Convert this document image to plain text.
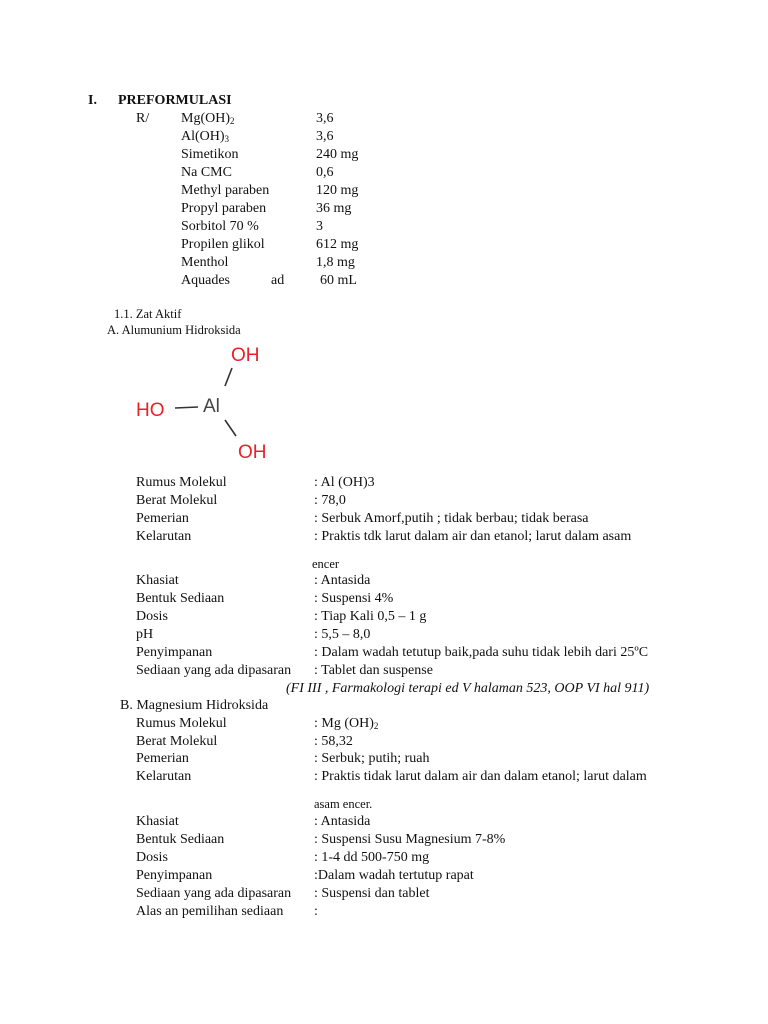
I. PREFORMULASI
R/ $Mg(OH)_2$	3,6
$Al(OH)_3$	3,6
Simetikon	240 mg
Na CMC	0,6
Methyl paraben	120 mg
Propyl paraben	36 mg
Sorbitol 70 %	3
Propilen glikol	612 mg
Menthol	1,8 mg
Aquades	ad	60 mL
1.1. Zat Aktif
A. Alumunium Hidroksida
OH
Al
HO
OH
Rumus Molekul	: Al (OH)3
Berat Molekul	: 78,0
Pemerian	: Serbuk Amorf,putih ; tidak berbau; tidak berasa
Kelarutan	: Praktis tdk larut dalam air dan etanol; larut dalam asam
encer
Khasiat	: Antasida
Bentuk Sediaan	: Suspensi 4%
Dosis	: Tiap Kali 0,5 – 1 g
pH	: 5,5 – 8,0
Penyimpanan	: Dalam wadah tetutup baik,pada suhu tidak lebih dari 25ºC
Sediaan yang ada dipasaran : Tablet dan suspense
(FI III , Farmakologi terapi ed V halaman 523, OOP VI hal 911)
B. Magnesium Hidroksida
Rumus Molekul	: Mg $(OH)_2$
Berat Molekul	: 58,32
Pemerian	: Serbuk; putih; ruah
Kelarutan	: Praktis tidak larut dalam air dan dalam etanol; larut dalam
asam encer.
Khasiat	: Antasida
Bentuk Sediaan	: Suspensi Susu Magnesium 7-8%
Dosis	: 1-4 dd 500-750 mg
Penyimpanan	:Dalam wadah tertutup rapat
Sediaan yang ada dipasaran : Suspensi dan tablet
Alas an pemilihan sediaan :
